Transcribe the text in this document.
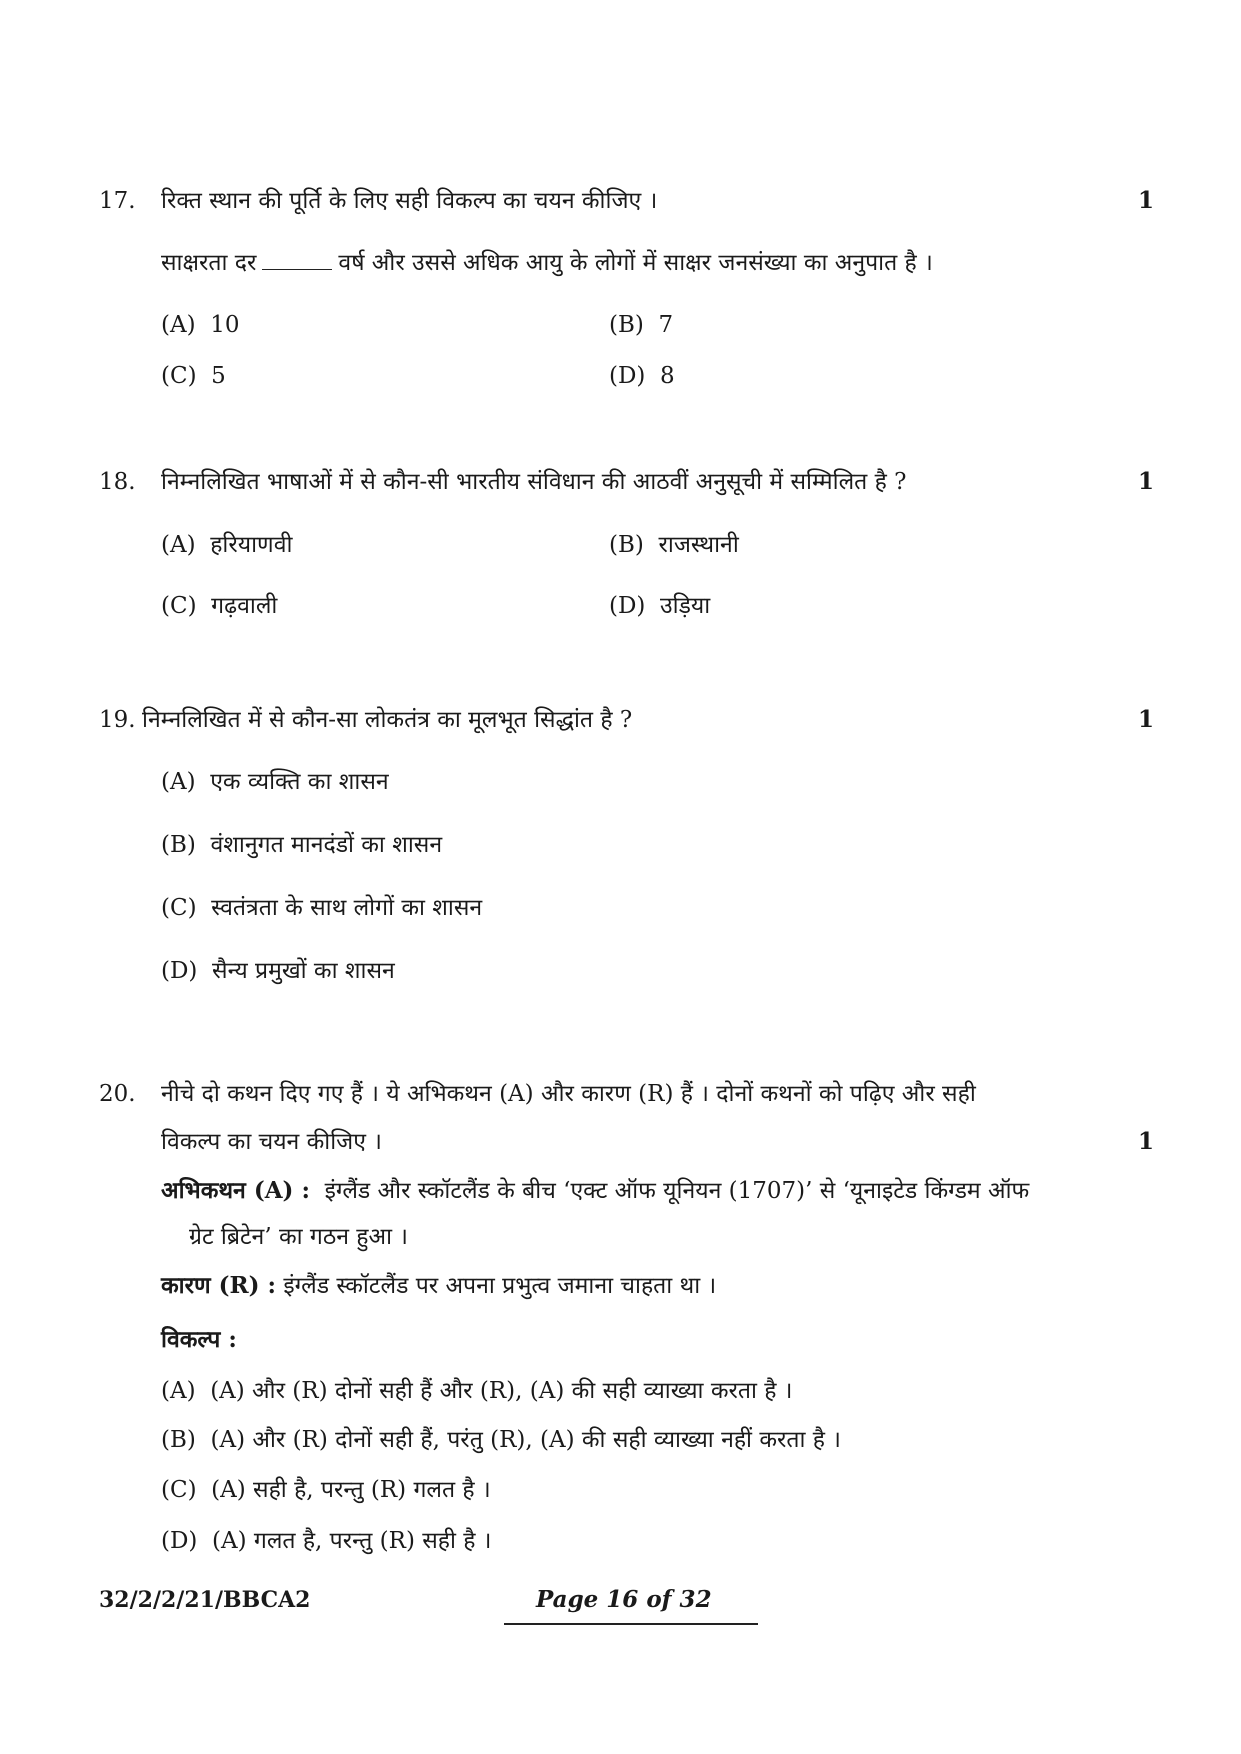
17. रिक्त स्थान की पूर्ति के लिए सही विकल्प का चयन कीजिए ।	1
साक्षरता दर	वर्ष और उससे अधिक आयु के लोगों में साक्षर जनसंख्या का अनुपात है ।
(A) 10	(B) 7
(C) 5	(D) 8
18. निम्नलिखित भाषाओं में से कौन-सी भारतीय संविधान की आठवीं अनुसूची में सम्मिलित है ?	1
(A) हरियाणवी	(B) राजस्थानी
(C) गढ़वाली	(D) उड़िया
19. निम्नलिखित में से कौन-सा लोकतंत्र का मूलभूत सिद्धांत है ?	1
(A) एक व्यक्ति का शासन
(B) वंशानुगत मानदंडों का शासन
(C) स्वतंत्रता के साथ लोगों का शासन
(D) सैन्य प्रमुखों का शासन
20. नीचे दो कथन दिए गए हैं । ये अभिकथन (A) और कारण (R) हैं । दोनों कथनों को पढ़िए और सही
विकल्प का चयन कीजिए ।	1
अभिकथन (A) : इंग्लैंड और स्कॉटलैंड के बीच ‘एक्ट ऑफ यूनियन (1707)’ से ‘यूनाइटेड किंग्डम ऑफ
ग्रेट ब्रिटेन’ का गठन हुआ ।
कारण (R) : इंग्लैंड स्कॉटलैंड पर अपना प्रभुत्व जमाना चाहता था ।
विकल्प :
(A) (A) और (R) दोनों सही हैं और (R), (A) की सही व्याख्या करता है ।
(B) (A) और (R) दोनों सही हैं, परंतु (R), (A) की सही व्याख्या नहीं करता है ।
(C) (A) सही है, परन्तु (R) गलत है ।
(D) (A) गलत है, परन्तु (R) सही है ।
32/2/2/21/BBCA2	Page 16 of 32
